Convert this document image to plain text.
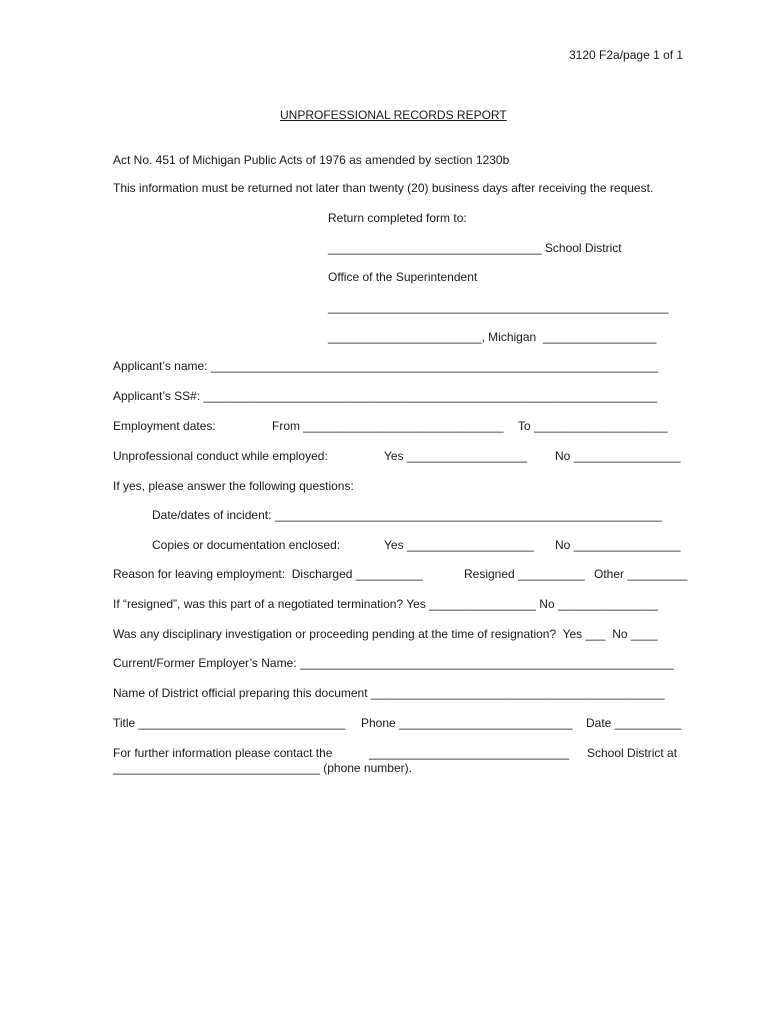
3120 F2a/page 1 of 1
UNPROFESSIONAL RECORDS REPORT
Act No. 451 of Michigan Public Acts of 1976 as amended by section 1230b
This information must be returned not later than twenty (20) business days after receiving the request.
Return completed form to:
________________________________ School District
Office of the Superintendent
___________________________________________________
_______________________, Michigan  _________________
Applicant’s name: ___________________________________________________________________
Applicant’s SS#: ____________________________________________________________________
Employment dates:	From ______________________________ To ____________________
Unprofessional conduct while employed:	Yes __________________ No ________________
If yes, please answer the following questions:
Date/dates of incident: __________________________________________________________
Copies or documentation enclosed:	Yes ___________________ No ________________
Reason for leaving employment:  Discharged __________	Resigned __________ Other _________
If “resigned”, was this part of a negotiated termination? Yes ________________ No _______________
Was any disciplinary investigation or proceeding pending at the time of resignation?  Yes ___  No ____
Current/Former Employer’s Name: ________________________________________________________
Name of District official preparing this document ____________________________________________
Title _______________________________ Phone __________________________ Date __________
For further information please contact the	______________________________ School District at
_______________________________ (phone number).
